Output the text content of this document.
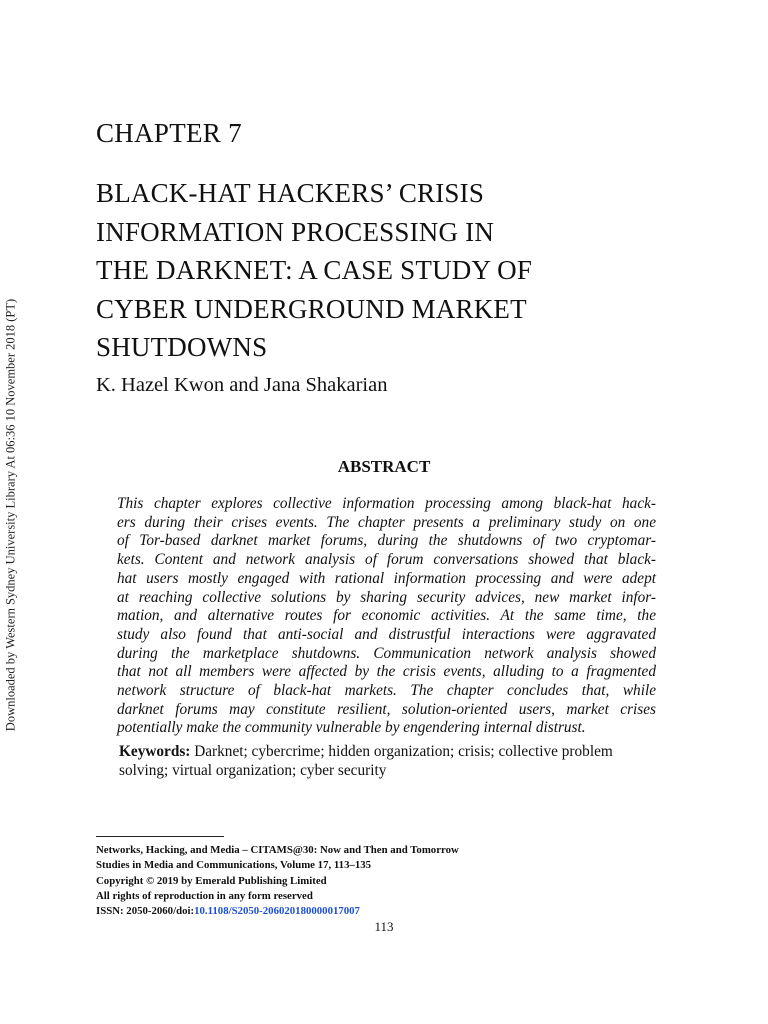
Downloaded by Western Sydney University Library At 06:36 10 November 2018 (PT)
CHAPTER 7
BLACK-HAT HACKERS’ CRISIS
INFORMATION PROCESSING IN
THE DARKNET: A CASE STUDY OF
CYBER UNDERGROUND MARKET
SHUTDOWNS
K. Hazel Kwon and Jana Shakarian
ABSTRACT
This chapter explores collective information processing among black-hat hack-
ers during their crises events. The chapter presents a preliminary study on one
of Tor-based darknet market forums, during the shutdowns of two cryptomar-
kets. Content and network analysis of forum conversations showed that black-
hat users mostly engaged with rational information processing and were adept
at reaching collective solutions by sharing security advices, new market infor-
mation, and alternative routes for economic activities. At the same time, the
study also found that anti-social and distrustful interactions were aggravated
during the marketplace shutdowns. Communication network analysis showed
that not all members were affected by the crisis events, alluding to a fragmented
network structure of black-hat markets. The chapter concludes that, while
darknet forums may constitute resilient, solution-oriented users, market crises
potentially make the community vulnerable by engendering internal distrust.
Keywords: Darknet; cybercrime; hidden organization; crisis; collective problem solving; virtual organization; cyber security
Networks, Hacking, and Media – CITAMS@30: Now and Then and Tomorrow
Studies in Media and Communications, Volume 17, 113–135
Copyright © 2019 by Emerald Publishing Limited
All rights of reproduction in any form reserved
ISSN: 2050-2060/doi:10.1108/S2050-206020180000017007
113
